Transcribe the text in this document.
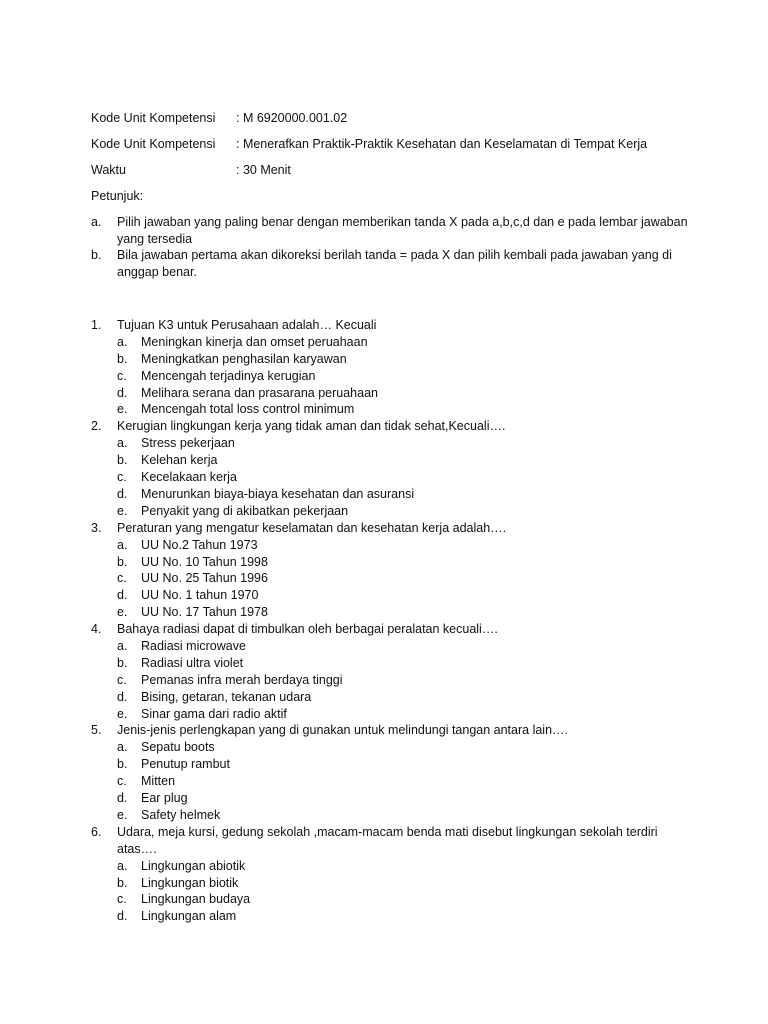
Kode Unit Kompetensi : M 6920000.001.02
Kode Unit Kompetensi : Menerafkan Praktik-Praktik Kesehatan dan Keselamatan di Tempat Kerja
Waktu	: 30 Menit
Petunjuk:
a. Pilih jawaban yang paling benar dengan memberikan tanda X pada a,b,c,d dan e pada lembar jawaban yang tersedia
b. Bila jawaban pertama akan dikoreksi berilah tanda = pada X dan pilih kembali pada jawaban yang di anggap benar.
1. Tujuan K3 untuk Perusahaan adalah… Kecuali
a. Meningkan kinerja dan omset peruahaan
b. Meningkatkan penghasilan karyawan
c. Mencengah terjadinya kerugian
d. Melihara serana dan prasarana peruahaan
e. Mencengah total loss control minimum
2. Kerugian lingkungan kerja yang tidak aman dan tidak sehat,Kecuali….
a. Stress pekerjaan
b. Kelehan kerja
c. Kecelakaan kerja
d. Menurunkan biaya-biaya kesehatan dan asuransi
e. Penyakit yang di akibatkan pekerjaan
3. Peraturan yang mengatur keselamatan dan kesehatan kerja adalah….
a. UU No.2 Tahun 1973
b. UU No. 10 Tahun 1998
c. UU No. 25 Tahun 1996
d. UU No. 1 tahun 1970
e. UU No. 17 Tahun 1978
4. Bahaya radiasi dapat di timbulkan oleh berbagai peralatan kecuali….
a. Radiasi microwave
b. Radiasi ultra violet
c. Pemanas infra merah berdaya tinggi
d. Bising, getaran, tekanan udara
e. Sinar gama dari radio aktif
5. Jenis-jenis perlengkapan yang di gunakan untuk melindungi tangan antara lain….
a. Sepatu boots
b. Penutup rambut
c. Mitten
d. Ear plug
e. Safety helmek
6. Udara, meja kursi, gedung sekolah ,macam-macam benda mati disebut lingkungan sekolah terdiri atas….
a. Lingkungan abiotik
b. Lingkungan biotik
c. Lingkungan budaya
d. Lingkungan alam
